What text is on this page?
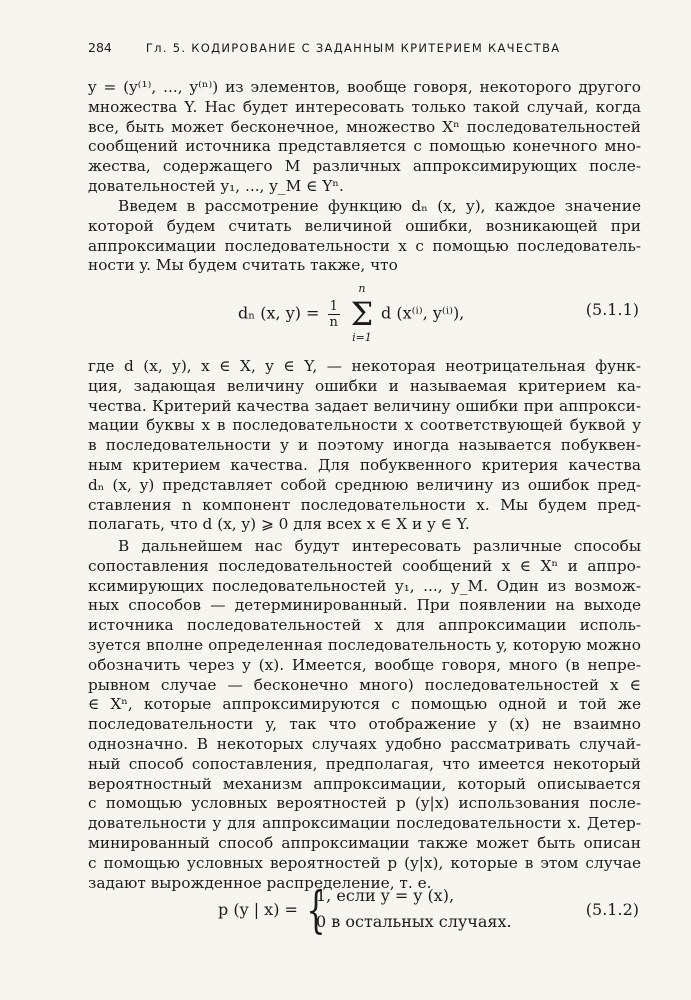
284	Гл. 5. КОДИРОВАНИЕ С ЗАДАННЫМ КРИТЕРИЕМ КАЧЕСТВА

y = (y⁽¹⁾, ..., y⁽ⁿ⁾) из элементов, вообще говоря, некоторого другого
множества Y. Нас будет интересовать только такой случай, когда
все, быть может бесконечное, множество Xⁿ последовательностей
сообщений источника представляется с помощью конечного мно-
жества, содержащего M различных аппроксимирующих после-
довательностей y₁, ..., y_M ∈ Yⁿ.

Введем в рассмотрение функцию dₙ (x, y), каждое значение
которой будем считать величиной ошибки, возникающей при
аппроксимации последовательности x с помощью последователь-
ности y. Мы будем считать также, что

dₙ (x, $y) = \frac{1}{n}$

n
Σ
i=1
d (x⁽ⁱ⁾, y⁽ⁱ⁾),	(5.1.1)

где d (x, y), x ∈ X, y ∈ Y, — некоторая неотрицательная функ-
ция, задающая величину ошибки и называемая критерием ка-
чества. Критерий качества задает величину ошибки при аппрокси-
мации буквы x в последовательности x соответствующей буквой y
в последовательности y и поэтому иногда называется побуквен-
ным критерием качества. Для побуквенного критерия качества
dₙ (x, y) представляет собой среднюю величину из ошибок пред-
ставления n компонент последовательности x. Мы будем пред-
полагать, что d (x, y) ⩾ 0 для всех x ∈ X и y ∈ Y.

В дальнейшем нас будут интересовать различные способы
сопоставления последовательностей сообщений x ∈ Xⁿ и аппро-
ксимирующих последовательностей y₁, ..., y_M. Один из возмож-
ных способов — детерминированный. При появлении на выходе
источника последовательностей x для аппроксимации исполь-
зуется вполне определенная последовательность y, которую можно
обозначить через y (x). Имеется, вообще говоря, много (в непре-
рывном случае — бесконечно много) последовательностей x ∈
∈ Xⁿ, которые аппроксимируются с помощью одной и той же
последовательности y, так что отображение y (x) не взаимно
однозначно. В некоторых случаях удобно рассматривать случай-
ный способ сопоставления, предполагая, что имеется некоторый
вероятностный механизм аппроксимации, который описывается
с помощью условных вероятностей p (y|x) использования после-
довательности y для аппроксимации последовательности x. Детер-
минированный способ аппроксимации также может быть описан
с помощью условных вероятностей p (y|x), которые в этом случае
задают вырожденное распределение, т. е.

p (y | x) = {
1, если y = y (x),
0 в остальных случаях.
(5.1.2)
